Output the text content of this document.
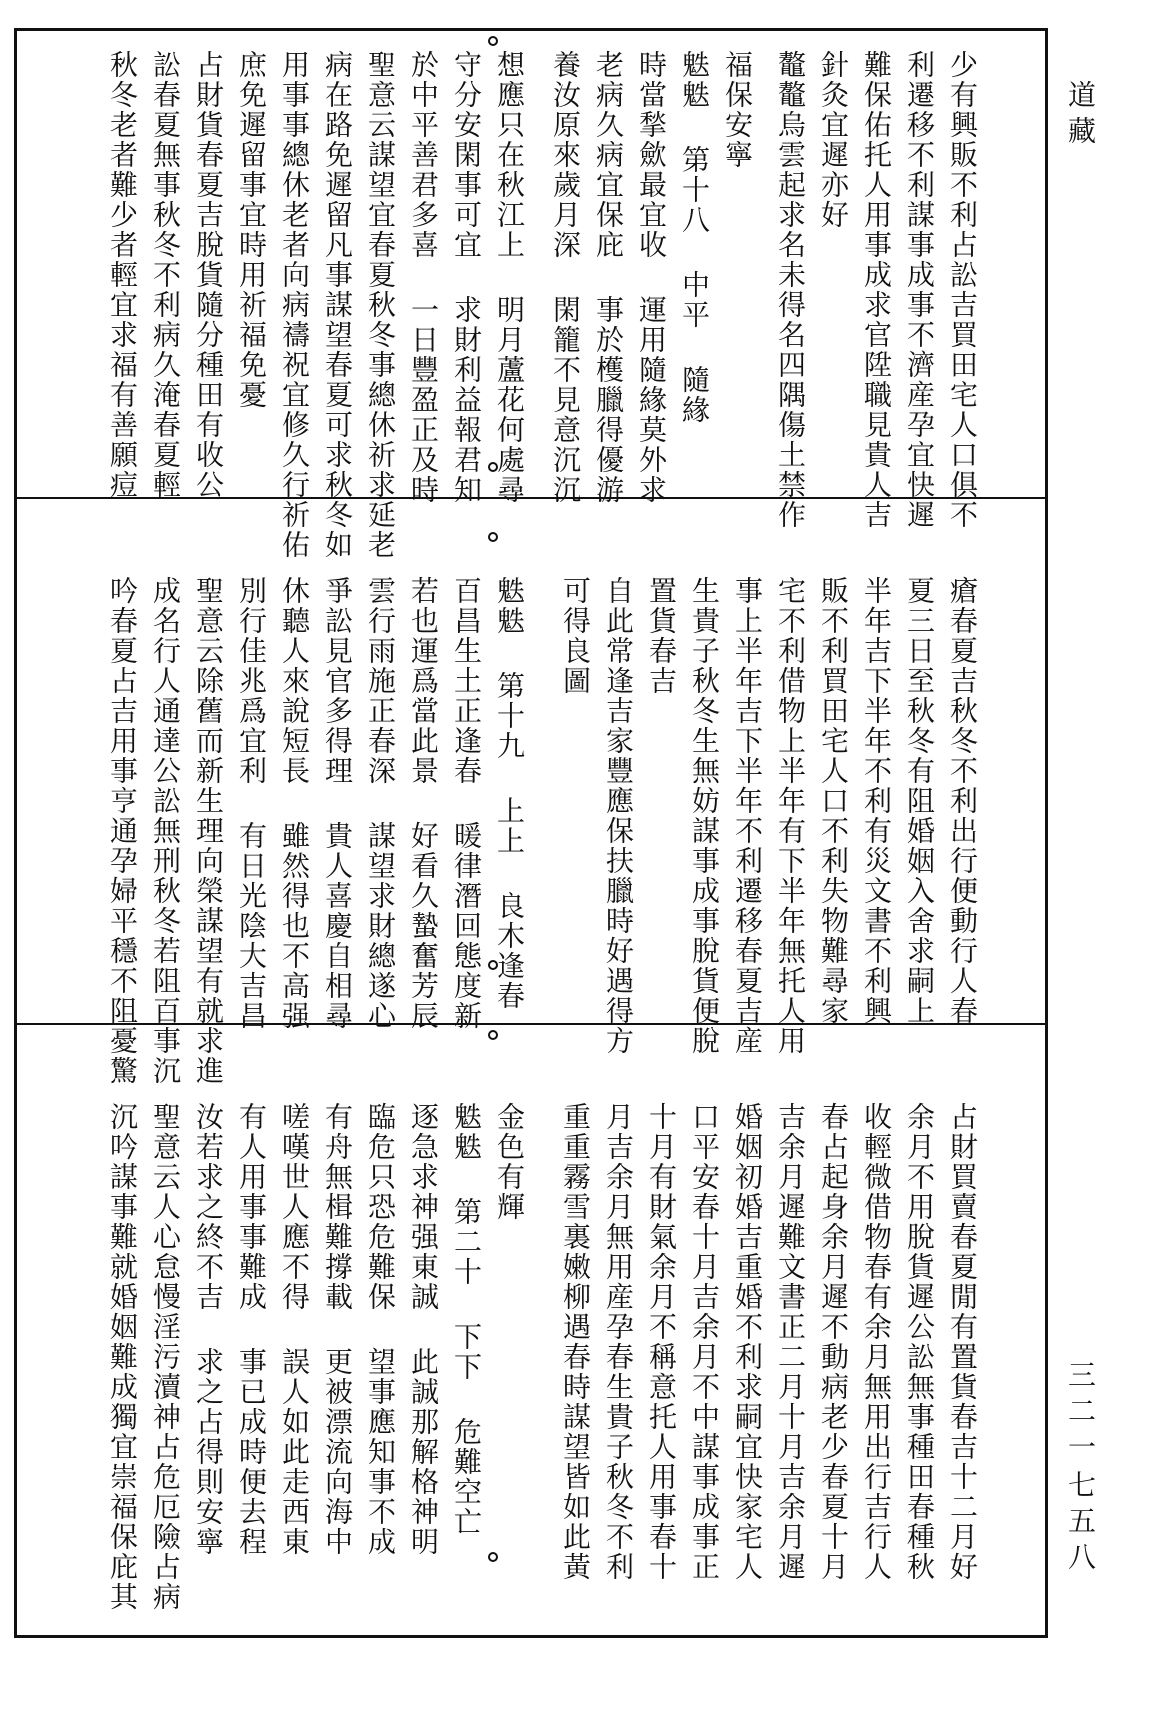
道藏
三二一
七五八
少有興販不利占訟吉買田宅人口俱不
利遷移不利謀事成事不濟産孕宜快遲
難保佑托人用事成求官陞職見貴人吉
針灸宜遲亦好
鼇鼇烏雲起求名未得名四隅傷土禁作
福保安寧
䰡䰡 第十八 中平 隨緣
時當揫歛最宜收 運用隨緣莫外求
老病久病宜保庇 事於檴臘得優游
養汝原來歲月深 閑籠不見意沉沉
想應只在秋江上 明月蘆花何處尋
守分安閑事可宜 求財利益報君知
於中平善君多喜 一日豐盈正及時
聖意云謀望宜春夏秋冬事總休祈求延老
病在路免遲留凡事謀望春夏可求秋冬如
用事事總休老者向病禱祝宜修久行祈佑
庶免遲留事宜時用祈福免憂
占財貨春夏吉脫貨隨分種田有收公
訟春夏無事秋冬不利病久淹春夏輕
秋冬老者難少者輕宜求福有善願痘
瘡春夏吉秋冬不利出行便動行人春
夏三日至秋冬有阻婚姻入舍求嗣上
半年吉下半年不利有災文書不利興
販不利買田宅人口不利失物難尋家
宅不利借物上半年有下半年無托人用
事上半年吉下半年不利遷移春夏吉産
生貴子秋冬生無妨謀事成事脫貨便脫
置貨春吉
自此常逢吉家豐應保扶臘時好遇得方
可得良圖
䰡䰡 第十九 上上 良木逢春
百昌生土正逢春 暖律潛回態度新
若也運爲當此景 好看久蟄奮芳辰
雲行雨施正春深 謀望求財總遂心
爭訟見官多得理 貴人喜慶自相尋
休聽人來說短長 雖然得也不高强
別行佳兆爲宜利 有日光陰大吉昌
聖意云除舊而新生理向榮謀望有就求進
成名行人通達公訟無刑秋冬若阻百事沉
吟春夏占吉用事亨通孕婦平穩不阻憂驚
占財買賣春夏閒有置貨春吉十二月好
余月不用脫貨遲公訟無事種田春種秋
收輕微借物春有余月無用出行吉行人
春占起身余月遲不動病老少春夏十月
吉余月遲難文書正二月十月吉余月遲
婚姻初婚吉重婚不利求嗣宜快家宅人
口平安春十月吉余月不中謀事成事正
十月有財氣余月不稱意托人用事春十
月吉余月無用産孕春生貴子秋冬不利
重重霧雪裏嫩柳遇春時謀望皆如此黃
金色有輝
䰡䰡 第二十 下下 危難空亡
逐急求神强東誠 此誠那解格神明
臨危只恐危難保 望事應知事不成
有舟無楫難撐載 更被漂流向海中
嗟嘆世人應不得 誤人如此走西東
有人用事事難成 事已成時便去程
汝若求之終不吉 求之占得則安寧
聖意云人心怠慢淫污瀆神占危厄險占病
沉吟謀事難就婚姻難成獨宜崇福保庇其
